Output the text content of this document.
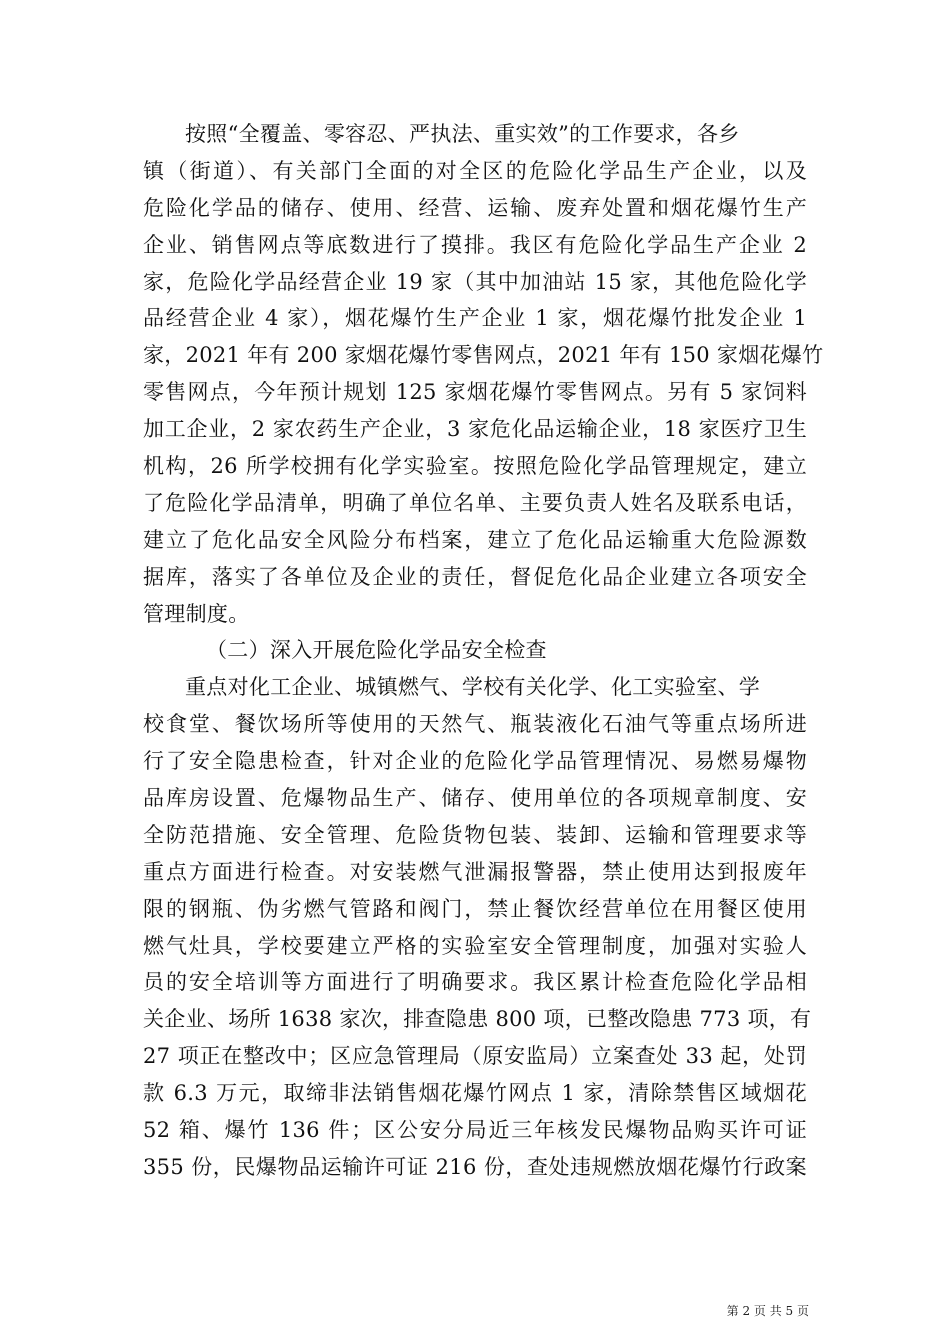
按照“全覆盖、零容忍、严执法、重实效”的工作要求，各乡
镇（街道）、有关部门全面的对全区的危险化学品生产企业，以及
危险化学品的储存、使用、经营、运输、废弃处置和烟花爆竹生产
企业、销售网点等底数进行了摸排。我区有危险化学品生产企业 2
家，危险化学品经营企业 19 家（其中加油站 15 家，其他危险化学
品经营企业 4 家），烟花爆竹生产企业 1 家，烟花爆竹批发企业 1
家，2021 年有 200 家烟花爆竹零售网点，2021 年有 150 家烟花爆竹
零售网点，今年预计规划 125 家烟花爆竹零售网点。另有 5 家饲料
加工企业，2 家农药生产企业，3 家危化品运输企业，18 家医疗卫生
机构，26 所学校拥有化学实验室。按照危险化学品管理规定，建立
了危险化学品清单，明确了单位名单、主要负责人姓名及联系电话，
建立了危化品安全风险分布档案，建立了危化品运输重大危险源数
据库，落实了各单位及企业的责任，督促危化品企业建立各项安全
管理制度。
（二）深入开展危险化学品安全检查
重点对化工企业、城镇燃气、学校有关化学、化工实验室、学
校食堂、餐饮场所等使用的天然气、瓶装液化石油气等重点场所进
行了安全隐患检查，针对企业的危险化学品管理情况、易燃易爆物
品库房设置、危爆物品生产、储存、使用单位的各项规章制度、安
全防范措施、安全管理、危险货物包装、装卸、运输和管理要求等
重点方面进行检查。对安装燃气泄漏报警器，禁止使用达到报废年
限的钢瓶、伪劣燃气管路和阀门，禁止餐饮经营单位在用餐区使用
燃气灶具，学校要建立严格的实验室安全管理制度，加强对实验人
员的安全培训等方面进行了明确要求。我区累计检查危险化学品相
关企业、场所 1638 家次，排查隐患 800 项，已整改隐患 773 项，有
27 项正在整改中；区应急管理局（原安监局）立案查处 33 起，处罚
款 6.3 万元，取缔非法销售烟花爆竹网点 1 家，清除禁售区域烟花
52 箱、爆竹 136 件；区公安分局近三年核发民爆物品购买许可证
355 份，民爆物品运输许可证 216 份，查处违规燃放烟花爆竹行政案
第 2 页 共 5 页
